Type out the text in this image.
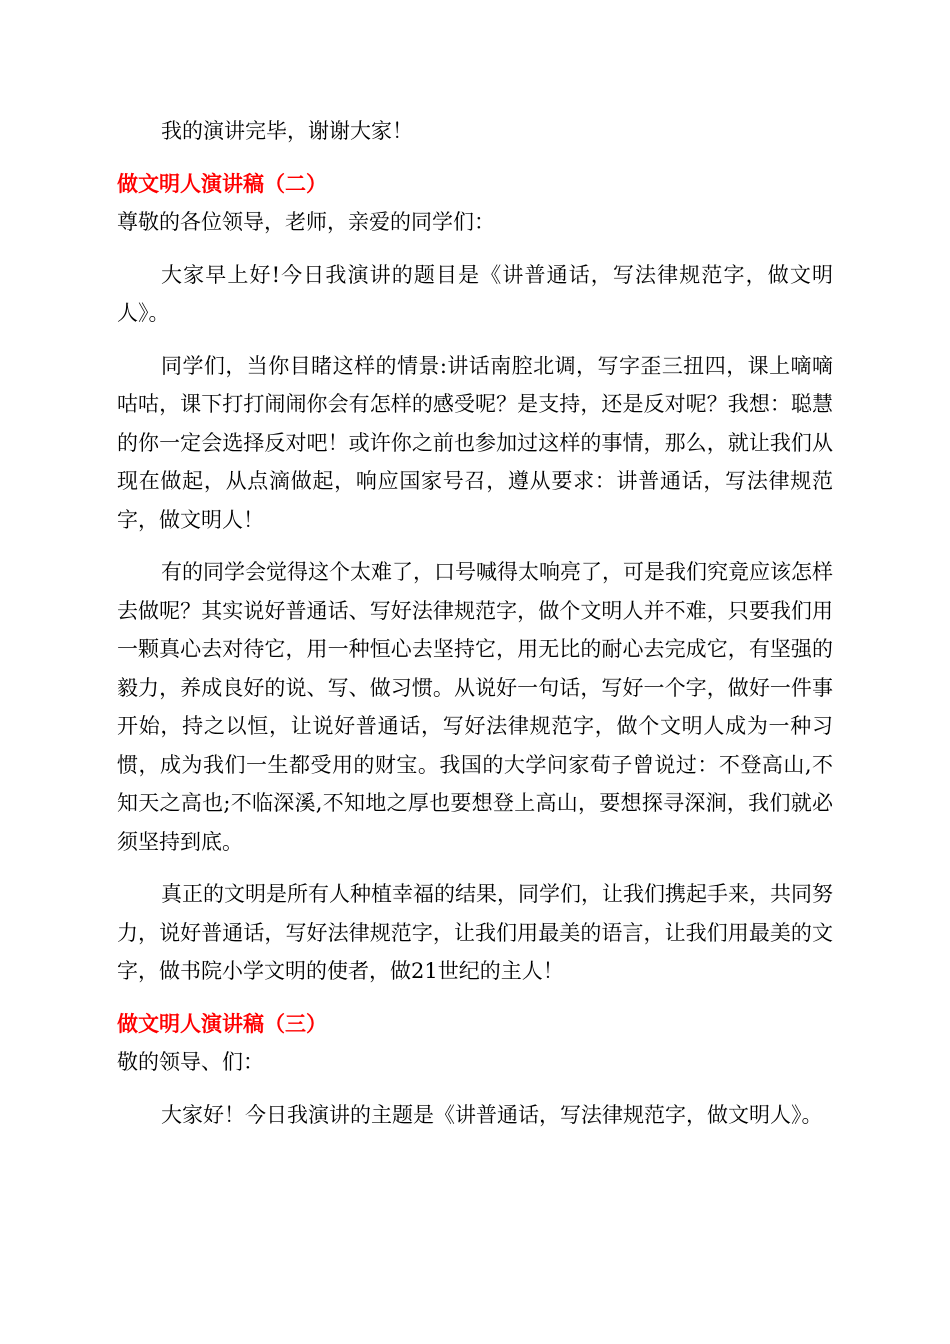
我的演讲完毕，谢谢大家！

做文明人演讲稿（二）

尊敬的各位领导，老师，亲爱的同学们：

大家早上好!今日我演讲的题目是《讲普通话，写法律规范字，做文明人》。

同学们，当你目睹这样的情景:讲话南腔北调，写字歪三扭四，课上嘀嘀咕咕，课下打打闹闹你会有怎样的感受呢？是支持，还是反对呢？我想：聪慧的你一定会选择反对吧！或许你之前也参加过这样的事情，那么，就让我们从现在做起，从点滴做起，响应国家号召，遵从要求：讲普通话，写法律规范字，做文明人！

有的同学会觉得这个太难了，口号喊得太响亮了，可是我们究竟应该怎样去做呢？其实说好普通话、写好法律规范字，做个文明人并不难，只要我们用一颗真心去对待它，用一种恒心去坚持它，用无比的耐心去完成它，有坚强的毅力，养成良好的说、写、做习惯。从说好一句话，写好一个字，做好一件事开始，持之以恒，让说好普通话，写好法律规范字，做个文明人成为一种习惯，成为我们一生都受用的财宝。我国的大学问家荀子曾说过：不登高山,不知天之高也;不临深溪,不知地之厚也要想登上高山，要想探寻深涧，我们就必须坚持到底。

真正的文明是所有人种植幸福的结果，同学们，让我们携起手来，共同努力，说好普通话，写好法律规范字，让我们用最美的语言，让我们用最美的文字，做书院小学文明的使者，做21世纪的主人！

做文明人演讲稿（三）

敬的领导、们：

大家好！今日我演讲的主题是《讲普通话，写法律规范字，做文明人》。
